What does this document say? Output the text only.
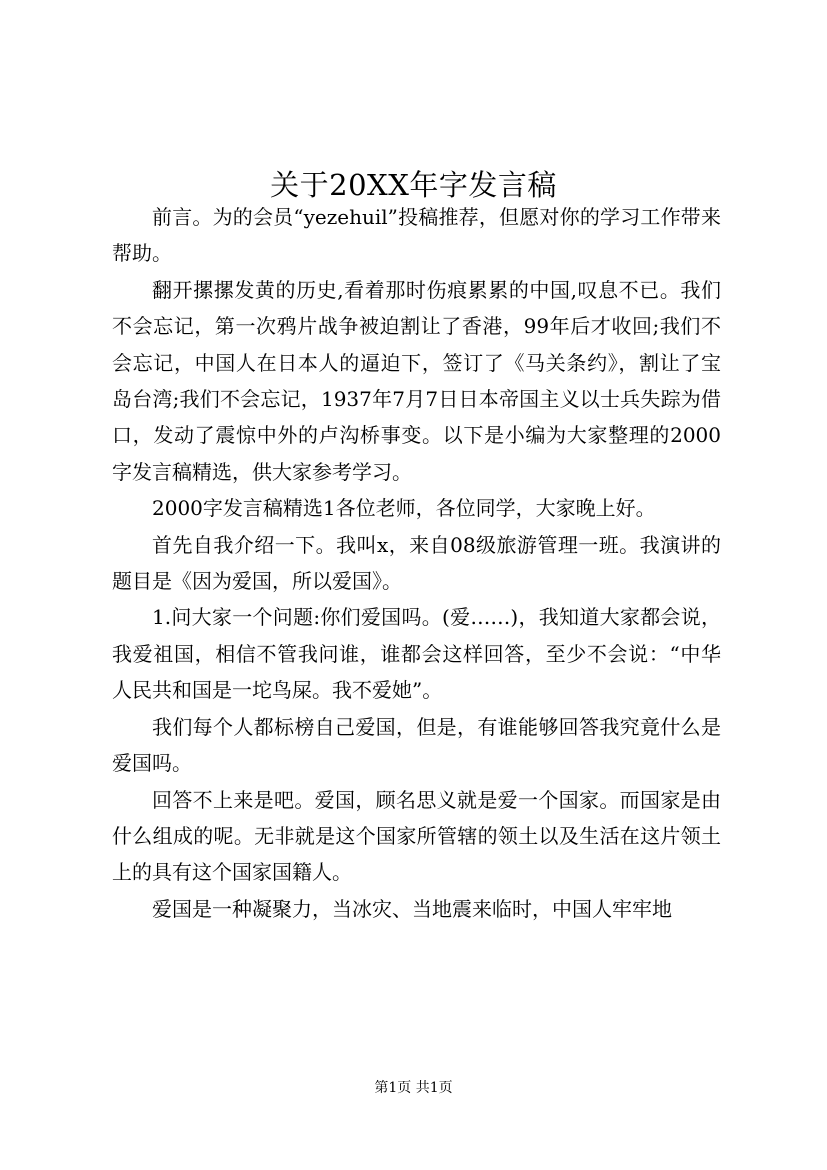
关于20XX年字发言稿

前言。为的会员“yezehuil”投稿推荐，但愿对你的学习工作带来帮助。

翻开摞摞发黄的历史,看着那时伤痕累累的中国,叹息不已。我们不会忘记，第一次鸦片战争被迫割让了香港，99年后才收回;我们不会忘记，中国人在日本人的逼迫下，签订了《马关条约》，割让了宝岛台湾;我们不会忘记，1937年7月7日日本帝国主义以士兵失踪为借口，发动了震惊中外的卢沟桥事变。以下是小编为大家整理的2000字发言稿精选，供大家参考学习。

2000字发言稿精选1各位老师，各位同学，大家晚上好。

首先自我介绍一下。我叫x，来自08级旅游管理一班。我演讲的题目是《因为爱国，所以爱国》。

1.问大家一个问题:你们爱国吗。(爱……)，我知道大家都会说，我爱祖国，相信不管我问谁，谁都会这样回答，至少不会说：“中华人民共和国是一坨鸟屎。我不爱她”。

我们每个人都标榜自己爱国，但是，有谁能够回答我究竟什么是爱国吗。

回答不上来是吧。爱国，顾名思义就是爱一个国家。而国家是由什么组成的呢。无非就是这个国家所管辖的领土以及生活在这片领土上的具有这个国家国籍人。

爱国是一种凝聚力，当冰灾、当地震来临时，中国人牢牢地

第1页 共1页
